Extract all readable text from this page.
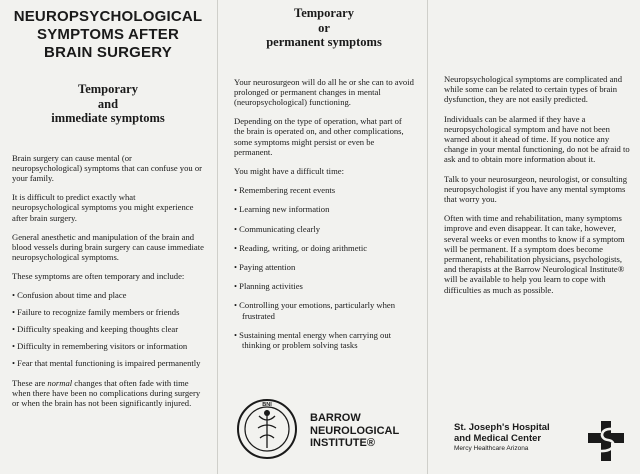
NEUROPSYCHOLOGICAL
SYMPTOMS AFTER
BRAIN SURGERY
Temporary
and
immediate symptoms

Brain surgery can cause mental (or neuropsychological) symptoms that can confuse you or your family.

It is difficult to predict exactly what neuropsychological symptoms you might experience after brain surgery.

General anesthetic and manipulation of the brain and blood vessels during brain surgery can cause immediate neuropsychological symptoms.

These symptoms are often temporary and include:

• Confusion about time and place
• Failure to recognize family members or friends
• Difficulty speaking and keeping thoughts clear
• Difficulty in remembering visitors or information
• Fear that mental functioning is impaired permanently

These are normal changes that often fade with time when there have been no complications during surgery or when the brain has not been significantly injured.

Temporary
or
permanent symptoms

Your neurosurgeon will do all he or she can to avoid prolonged or permanent changes in mental (neuropsychological) functioning.

Depending on the type of operation, what part of the brain is operated on, and other complications, some symptoms might persist or even be permanent.

You might have a difficult time:

• Remembering recent events
• Learning new information
• Communicating clearly
• Reading, writing, or doing arithmetic
• Paying attention
• Planning activities
• Controlling your emotions, particularly when frustrated
• Sustaining mental energy when carrying out thinking or problem solving tasks
BNI
BARROW
NEUROLOGICAL
INSTITUTE®

Neuropsychological symptoms are complicated and while some can be related to certain types of brain dysfunction, they are not easily predicted.

Individuals can be alarmed if they have a neuropsychological symptom and have not been warned about it ahead of time. If you notice any change in your mental functioning, do not be afraid to ask and to obtain more information about it.

Talk to your neurosurgeon, neurologist, or consulting neuropsychologist if you have any mental symptoms that worry you.

Often with time and rehabilitation, many symptoms improve and even disappear. It can take, however, several weeks or even months to know if a symptom will be permanent. If a symptom does become permanent, rehabilitation physicians, psychologists, and therapists at the Barrow Neurological Institute® will be available to help you learn to cope with difficulties as much as possible.

St. Joseph's Hospital
and Medical Center
Mercy Healthcare Arizona
